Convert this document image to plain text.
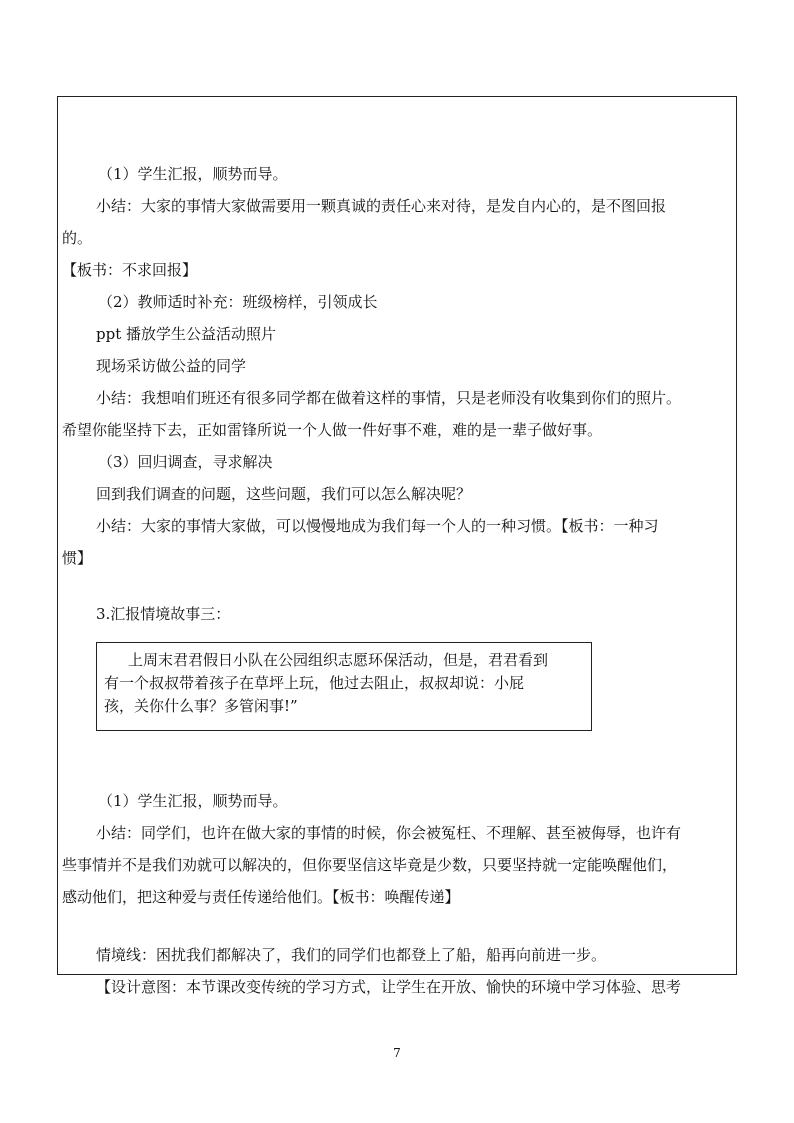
（1）学生汇报，顺势而导。
小结：大家的事情大家做需要用一颗真诚的责任心来对待，是发自内心的，是不图回报
的。
【板书：不求回报】
（2）教师适时补充：班级榜样，引领成长
ppt 播放学生公益活动照片
现场采访做公益的同学
小结：我想咱们班还有很多同学都在做着这样的事情，只是老师没有收集到你们的照片。
希望你能坚持下去，正如雷锋所说一个人做一件好事不难，难的是一辈子做好事。
（3）回归调查，寻求解决
回到我们调查的问题，这些问题，我们可以怎么解决呢？
小结：大家的事情大家做，可以慢慢地成为我们每一个人的一种习惯。【板书：一种习
惯】
3.汇报情境故事三：
上周末君君假日小队在公园组织志愿环保活动，但是，君君看到
有一个叔叔带着孩子在草坪上玩，他过去阻止，叔叔却说：小屁
孩，关你什么事？多管闲事!”
（1）学生汇报，顺势而导。
小结：同学们，也许在做大家的事情的时候，你会被冤枉、不理解、甚至被侮辱，也许有
些事情并不是我们劝就可以解决的，但你要坚信这毕竟是少数，只要坚持就一定能唤醒他们，
感动他们，把这种爱与责任传递给他们。【板书：唤醒传递】
情境线：困扰我们都解决了，我们的同学们也都登上了船，船再向前进一步。
【设计意图：本节课改变传统的学习方式，让学生在开放、愉快的环境中学习体验、思考
7
